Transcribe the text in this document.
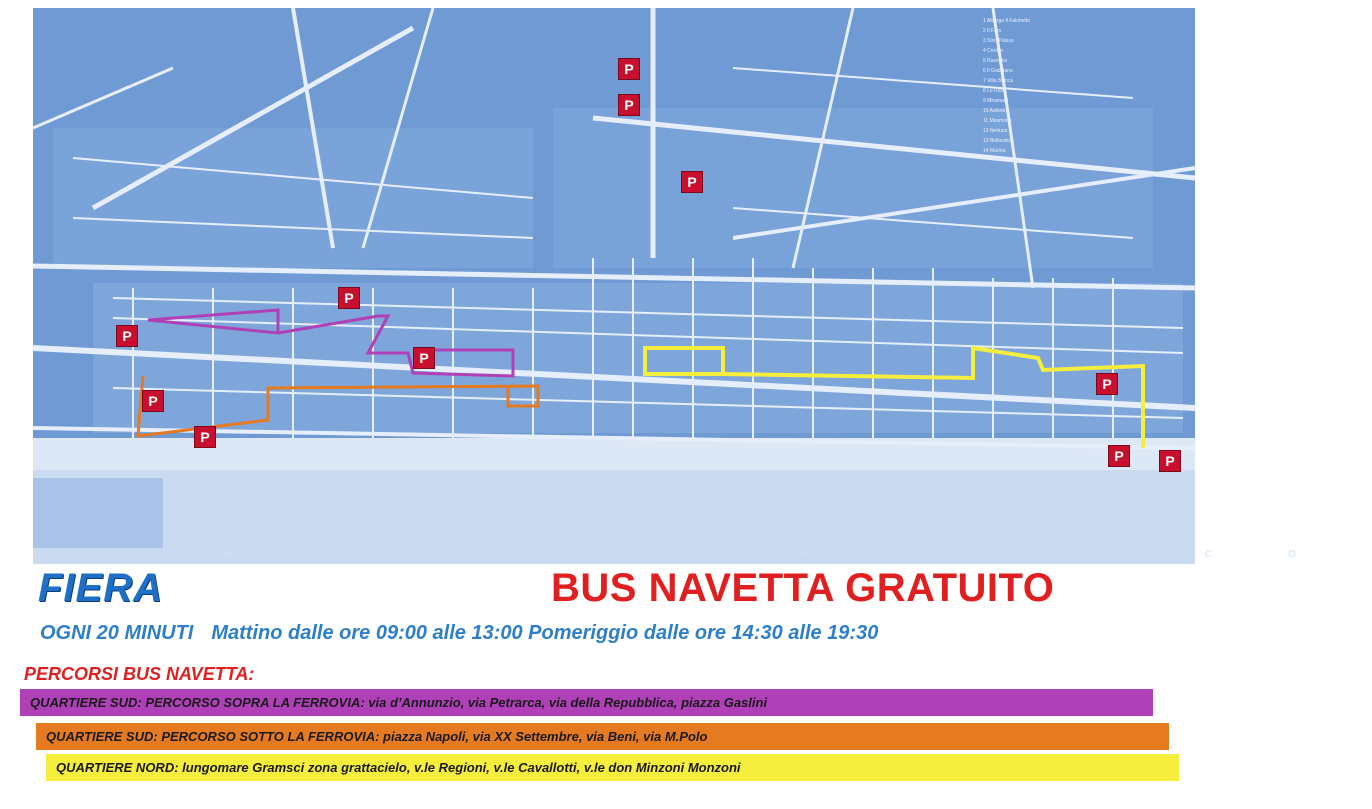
1 Albergo Il Falchetto
2 Il Faro
3 Sirio Palace
4 Corallo
5 Ravenna
6 Il Gabbiano
7 Villa Bianca
8 Le Rose
9 Miramare
10 Astoria
11 Miramonti
12 Nettuno
13 Bellavista
14 Marina
MARE ADRIATICO
P
P
P
P
P
P
P
P
P
P	P
FIERA	BUS NAVETTA GRATUITO
OGNI 20 MINUTI Mattino dalle ore 09:00 alle 13:00 Pomeriggio dalle ore 14:30 alle 19:30
PERCORSI BUS NAVETTA:
QUARTIERE SUD: PERCORSO SOPRA LA FERROVIA: via d’Annunzio, via Petrarca, via della Repubblica, piazza Gaslini
QUARTIERE SUD: PERCORSO SOTTO LA FERROVIA: piazza Napoli, via XX Settembre, via Beni, via M.Polo
QUARTIERE NORD: lungomare Gramsci zona grattacielo, v.le Regioni, v.le Cavallotti, v.le don Minzoni Monzoni
